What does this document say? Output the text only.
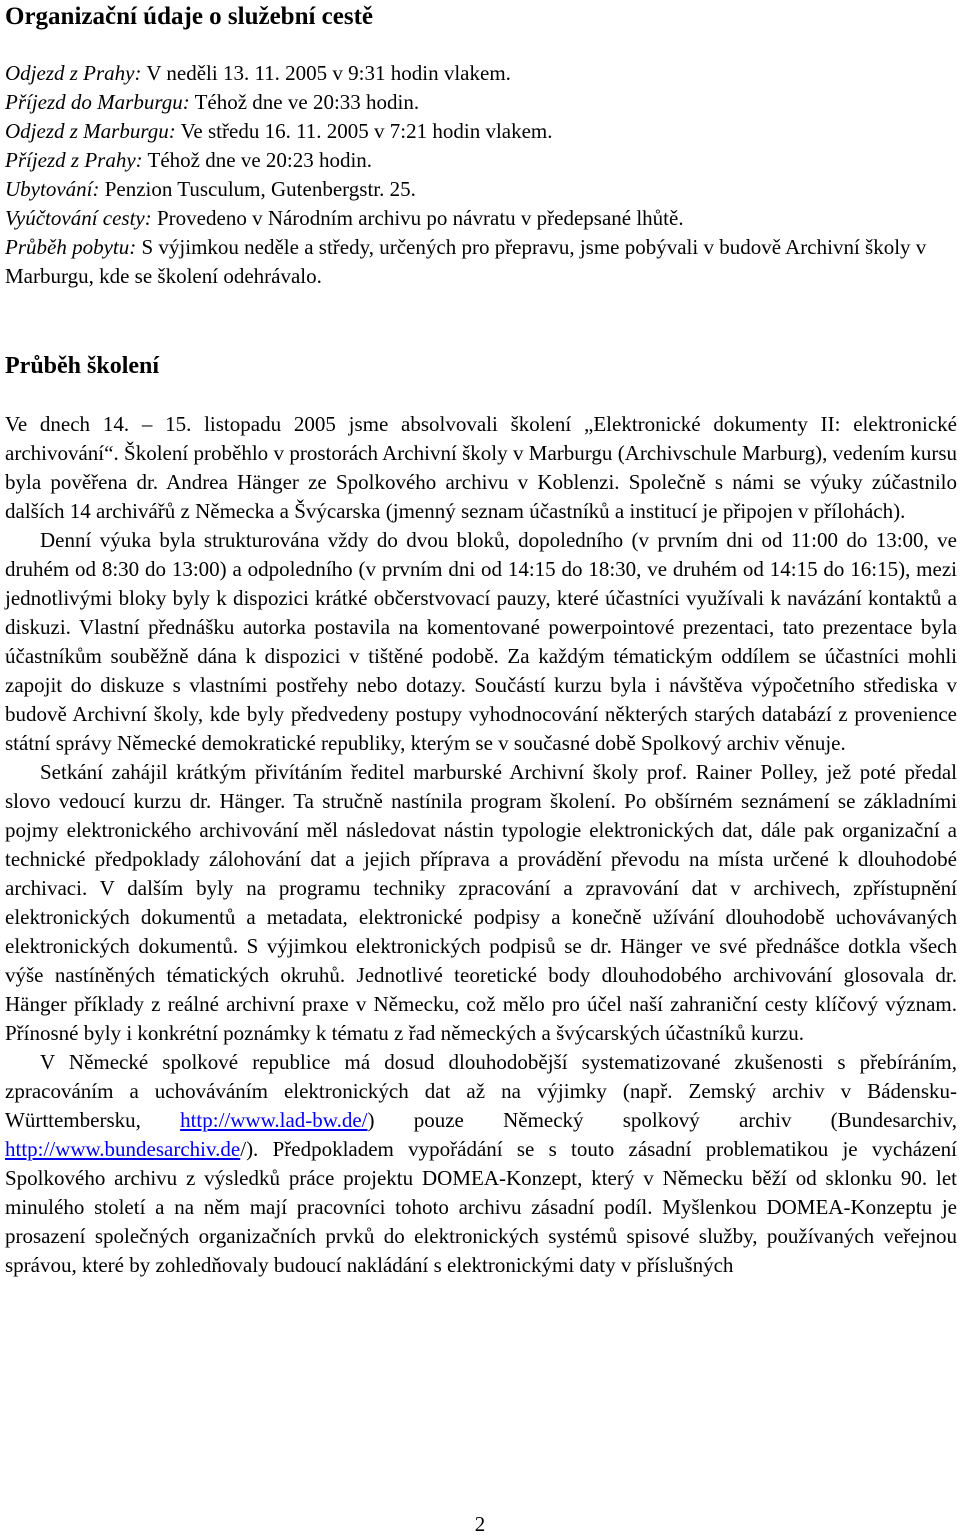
Organizační údaje o služební cestě

Odjezd z Prahy: V neděli 13. 11. 2005 v 9:31 hodin vlakem.

Příjezd do Marburgu: Téhož dne ve 20:33 hodin.

Odjezd z Marburgu: Ve středu 16. 11. 2005 v 7:21 hodin vlakem.

Příjezd z Prahy: Téhož dne ve 20:23 hodin.

Ubytování: Penzion Tusculum, Gutenbergstr. 25.

Vyúčtování cesty: Provedeno v Národním archivu po návratu v předepsané lhůtě.

Průběh pobytu: S výjimkou neděle a středy, určených pro přepravu, jsme pobývali v budově Archivní školy v Marburgu, kde se školení odehrávalo.

Průběh školení

Ve dnech 14. – 15. listopadu 2005 jsme absolvovali školení „Elektronické dokumenty II: elektronické archivování“. Školení proběhlo v prostorách Archivní školy v Marburgu (Archivschule Marburg), vedením kursu byla pověřena dr. Andrea Hänger ze Spolkového archivu v Koblenzi. Společně s námi se výuky zúčastnilo dalších 14 archivářů z Německa a Švýcarska (jmenný seznam účastníků a institucí je připojen v přílohách).

Denní výuka byla strukturována vždy do dvou bloků, dopoledního (v prvním dni od 11:00 do 13:00, ve druhém od 8:30 do 13:00) a odpoledního (v prvním dni od 14:15 do 18:30, ve druhém od 14:15 do 16:15), mezi jednotlivými bloky byly k dispozici krátké občerstvovací pauzy, které účastníci využívali k navázání kontaktů a diskuzi. Vlastní přednášku autorka postavila na komentované powerpointové prezentaci, tato prezentace byla účastníkům souběžně dána k dispozici v tištěné podobě. Za každým tématickým oddílem se účastníci mohli zapojit do diskuze s vlastními postřehy nebo dotazy. Součástí kurzu byla i návštěva výpočetního střediska v budově Archivní školy, kde byly předvedeny postupy vyhodnocování některých starých databází z provenience státní správy Německé demokratické republiky, kterým se v současné době Spolkový archiv věnuje.

Setkání zahájil krátkým přivítáním ředitel marburské Archivní školy prof. Rainer Polley, jež poté předal slovo vedoucí kurzu dr. Hänger. Ta stručně nastínila program školení. Po obšírném seznámení se základními pojmy elektronického archivování měl následovat nástin typologie elektronických dat, dále pak organizační a technické předpoklady zálohování dat a jejich příprava a provádění převodu na místa určené k dlouhodobé archivaci. V dalším byly na programu techniky zpracování a zpravování dat v archivech, zpřístupnění elektronických dokumentů a metadata, elektronické podpisy a konečně užívání dlouhodobě uchovávaných elektronických dokumentů. S výjimkou elektronických podpisů se dr. Hänger ve své přednášce dotkla všech výše nastíněných tématických okruhů. Jednotlivé teoretické body dlouhodobého archivování glosovala dr. Hänger příklady z reálné archivní praxe v Německu, což mělo pro účel naší zahraniční cesty klíčový význam. Přínosné byly i konkrétní poznámky k tématu z řad německých a švýcarských účastníků kurzu.

V Německé spolkové republice má dosud dlouhodobější systematizované zkušenosti s přebíráním, zpracováním a uchováváním elektronických dat až na výjimky (např. Zemský archiv v Bádensku-Württembersku, http://www.lad-bw.de/) pouze Německý spolkový archiv (Bundesarchiv, http://www.bundesarchiv.de/). Předpokladem vypořádání se s touto zásadní problematikou je vycházení Spolkového archivu z výsledků práce projektu DOMEA-Konzept, který v Německu běží od sklonku 90. let minulého století a na něm mají pracovníci tohoto archivu zásadní podíl. Myšlenkou DOMEA-Konzeptu je prosazení společných organizačních prvků do elektronických systémů spisové služby, používaných veřejnou správou, které by zohledňovaly budoucí nakládání s elektronickými daty v příslušných

2
